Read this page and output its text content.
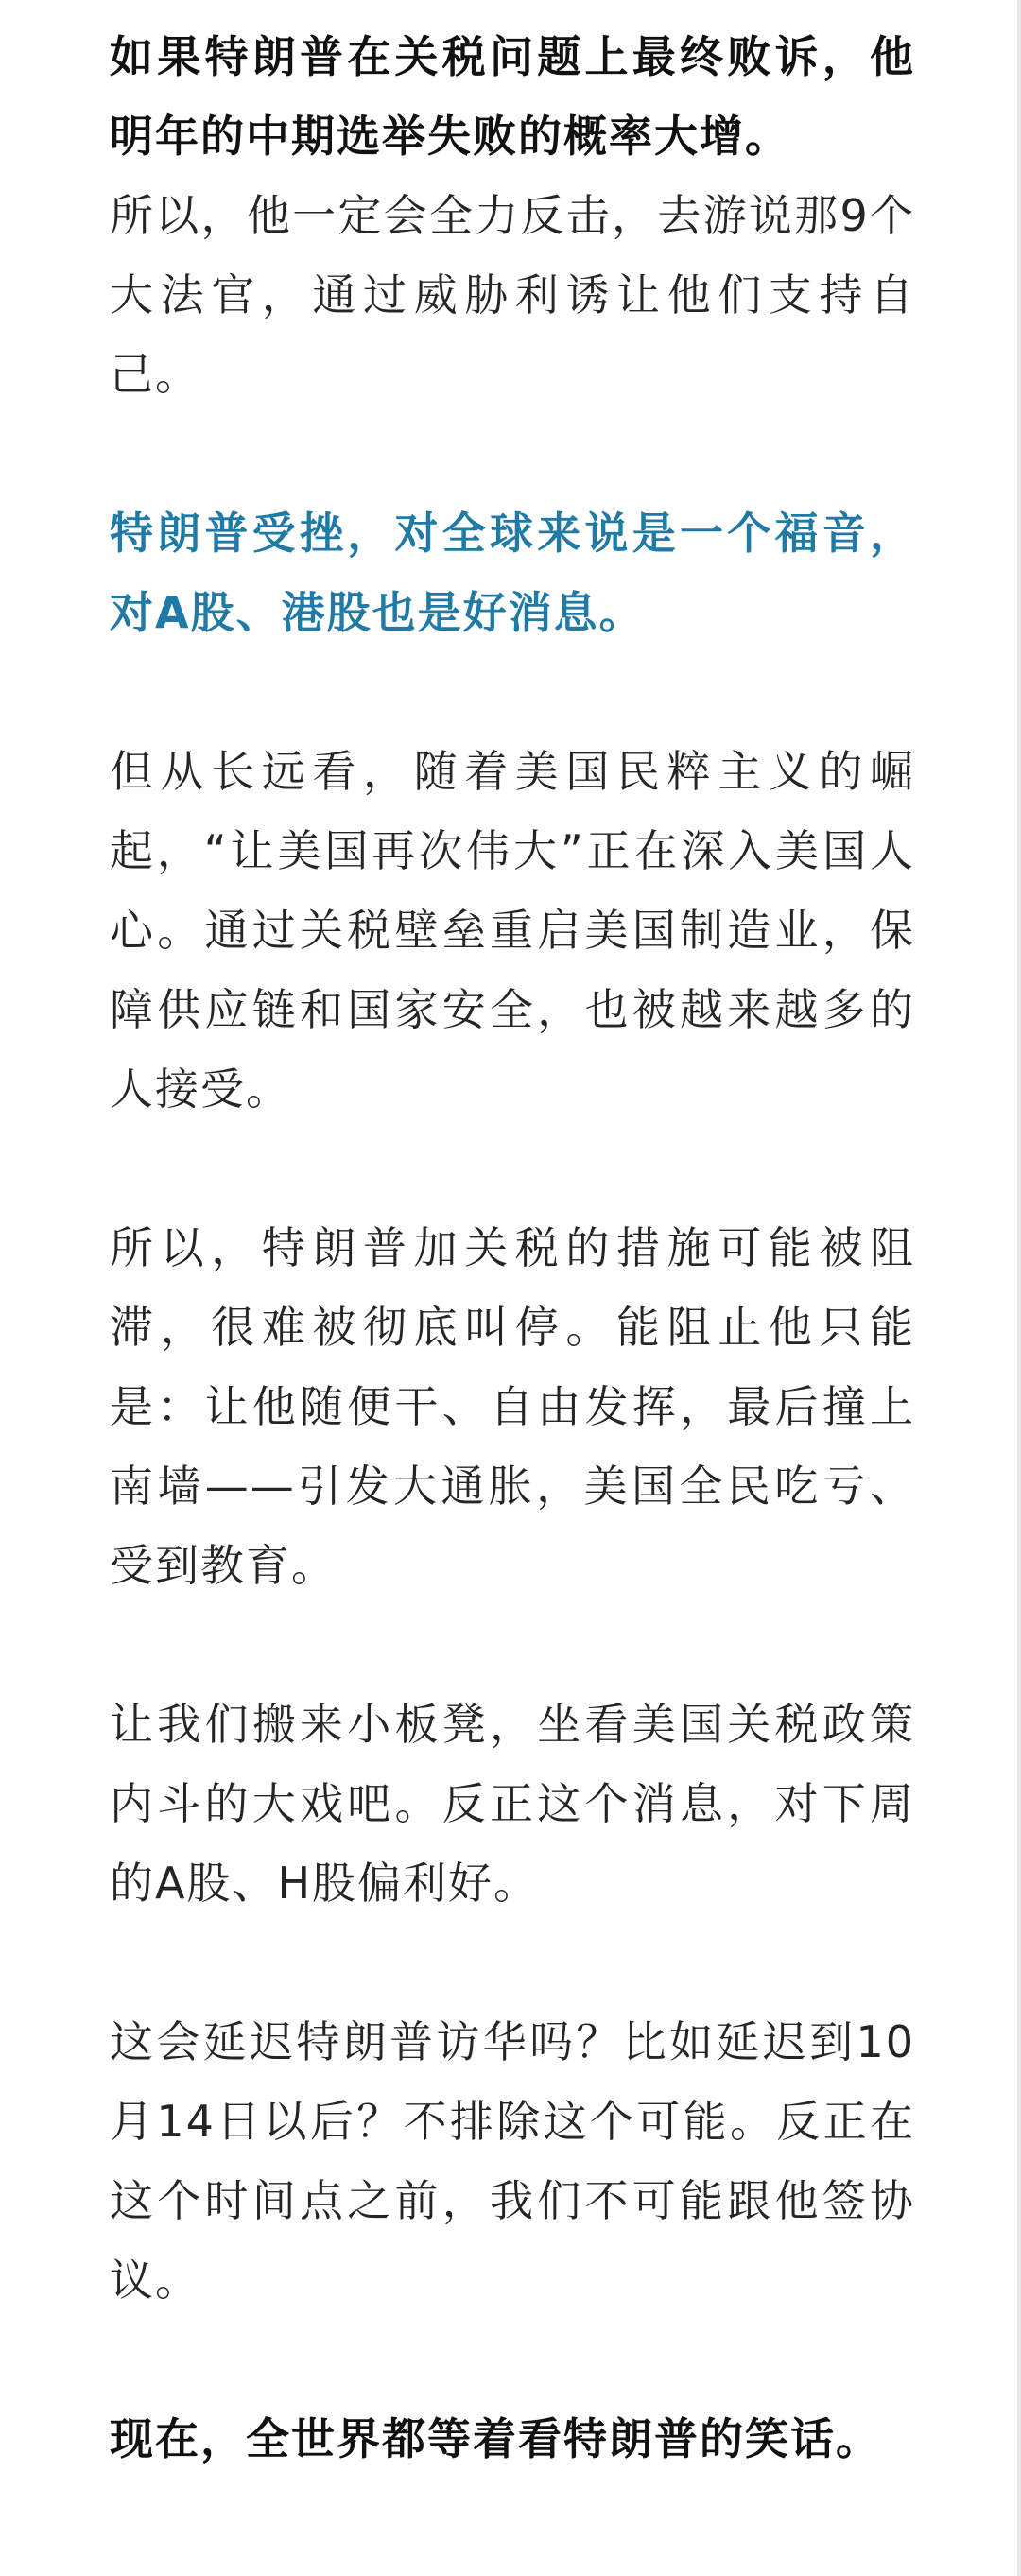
如果特朗普在关税问题上最终败诉，他明年的中期选举失败的概率大增。

所以，他一定会全力反击，去游说那9个大法官，通过威胁利诱让他们支持自己。

特朗普受挫，对全球来说是一个福音，对A股、港股也是好消息。

但从长远看，随着美国民粹主义的崛起，“让美国再次伟大”正在深入美国人心。通过关税壁垒重启美国制造业，保障供应链和国家安全，也被越来越多的人接受。

所以，特朗普加关税的措施可能被阻滞，很难被彻底叫停。能阻止他只能是：让他随便干、自由发挥，最后撞上南墙——引发大通胀，美国全民吃亏、受到教育。

让我们搬来小板凳，坐看美国关税政策内斗的大戏吧。反正这个消息，对下周的A股、H股偏利好。

这会延迟特朗普访华吗？比如延迟到10月14日以后？不排除这个可能。反正在这个时间点之前，我们不可能跟他签协议。

现在，全世界都等着看特朗普的笑话。
